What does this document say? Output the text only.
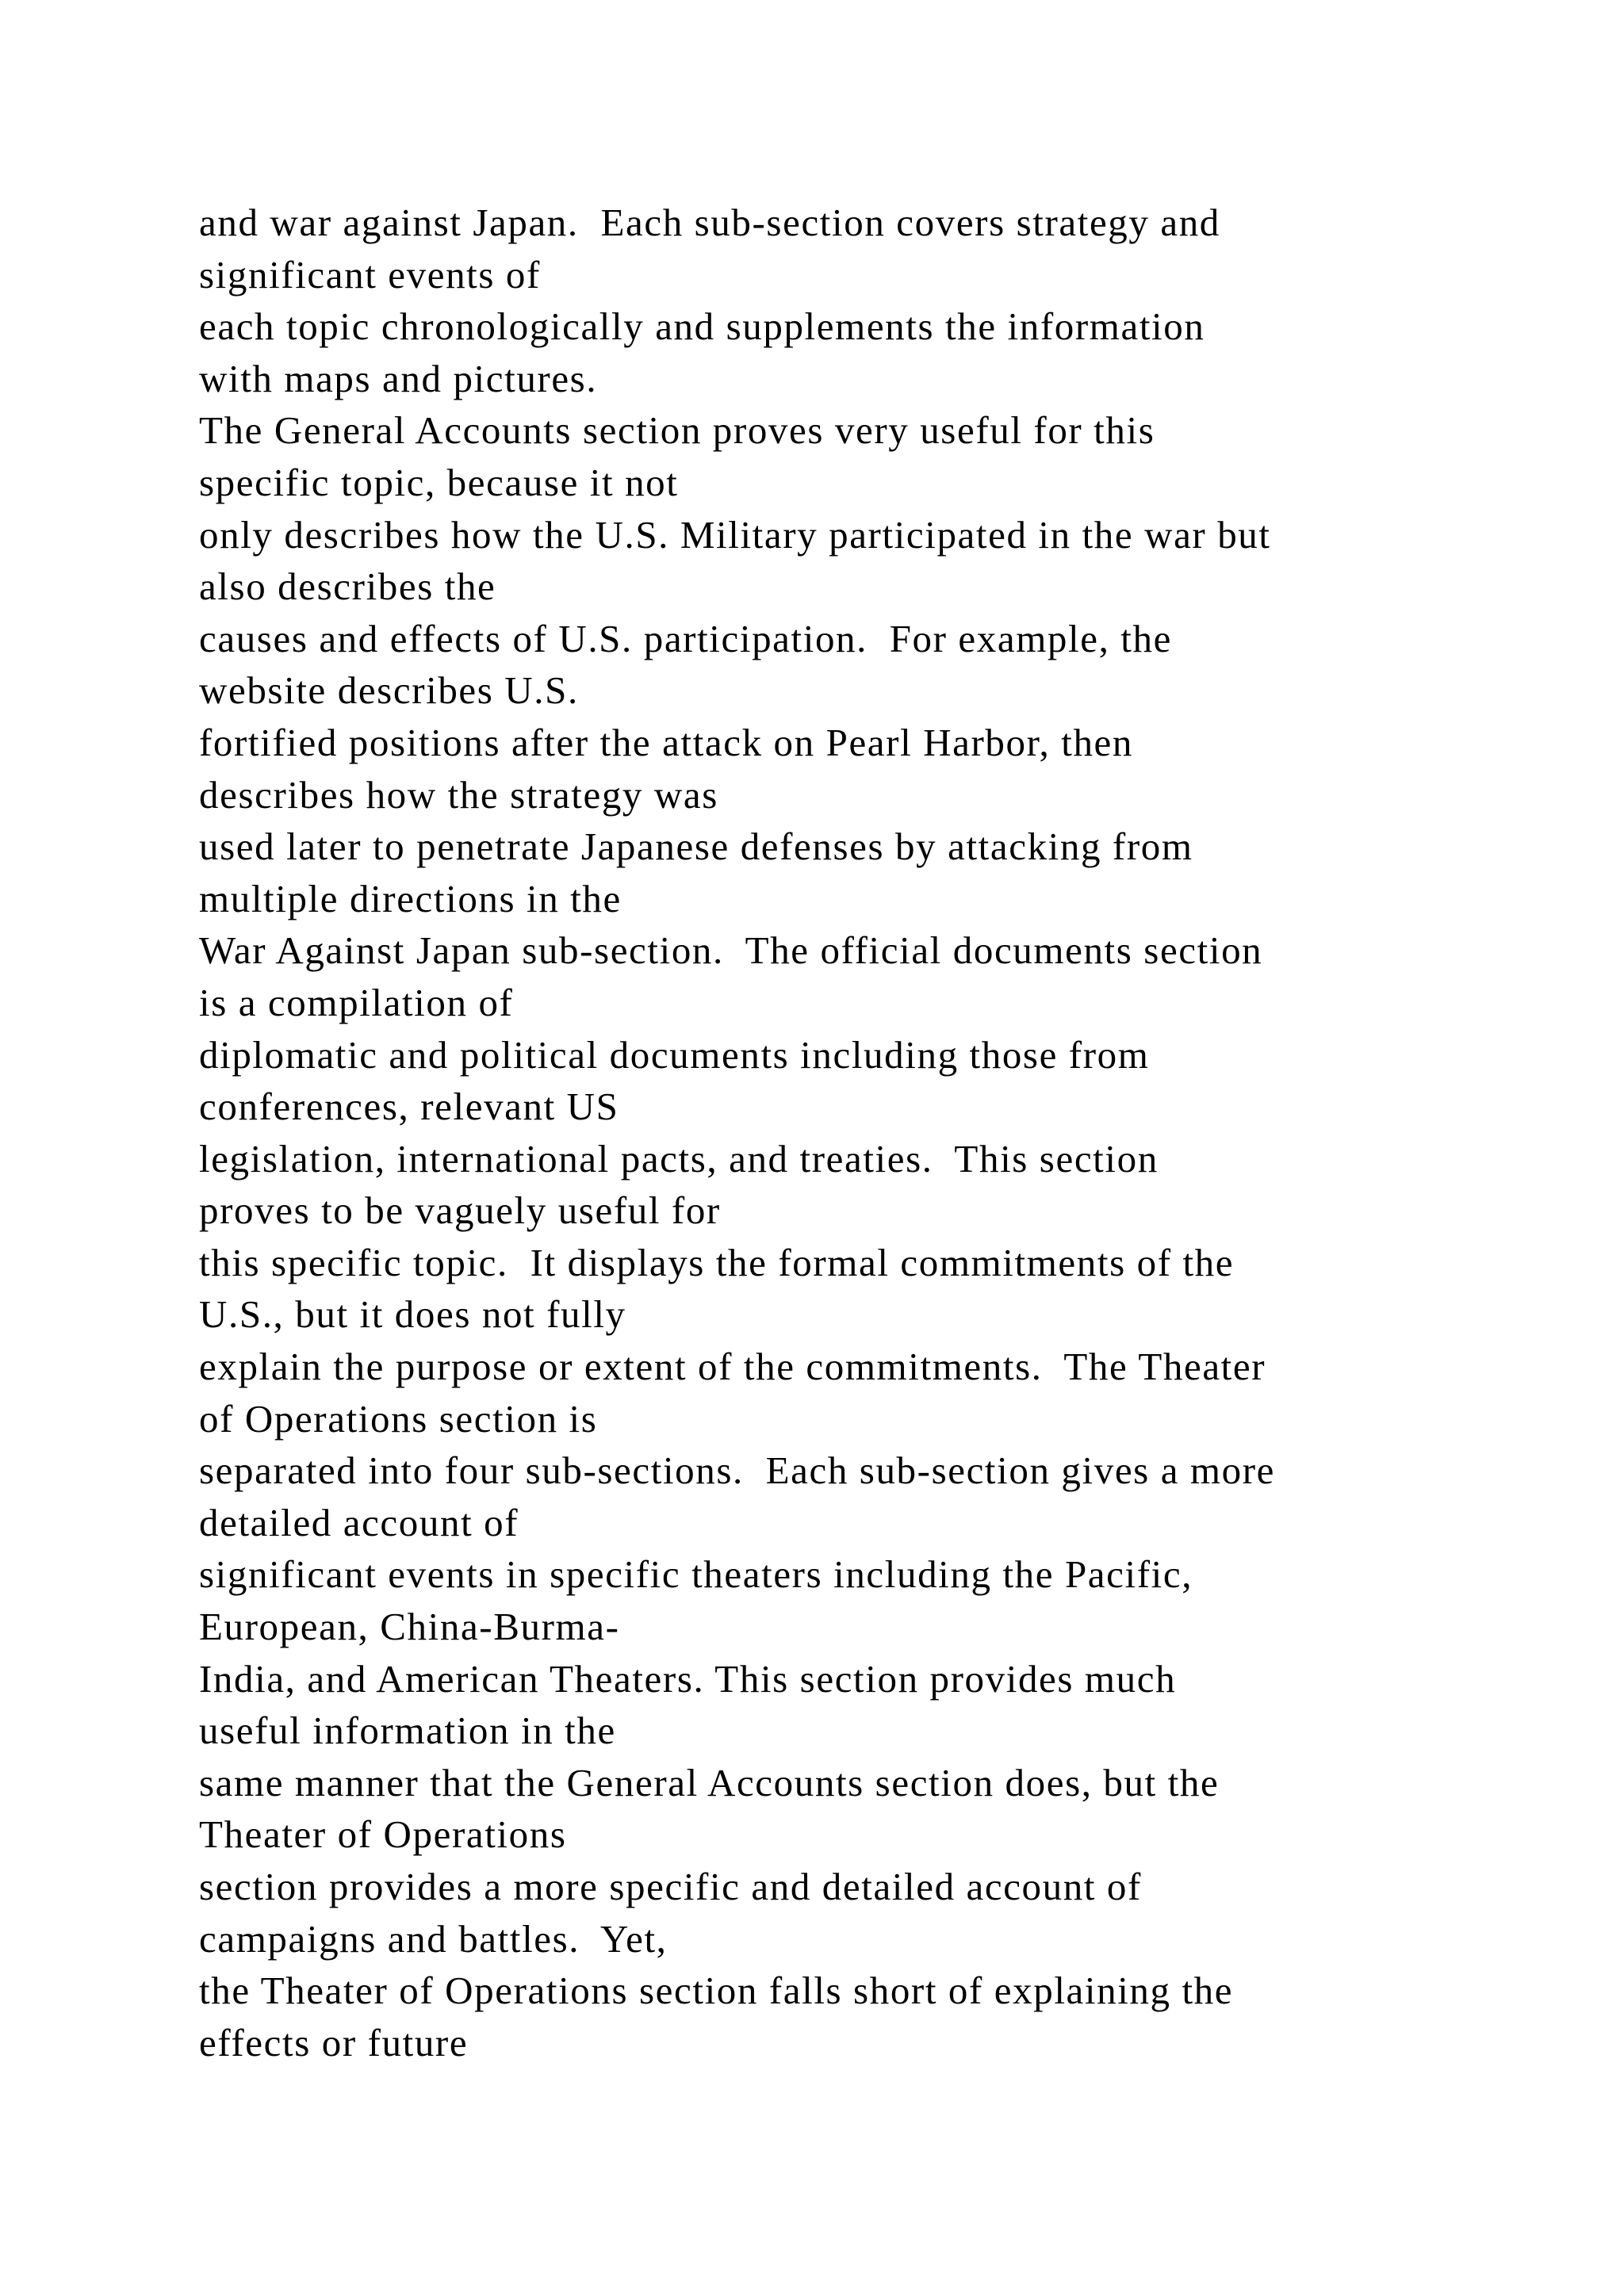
and war against Japan.  Each sub-section covers strategy and
significant events of
each topic chronologically and supplements the information
with maps and pictures.
The General Accounts section proves very useful for this
specific topic, because it not
only describes how the U.S. Military participated in the war but
also describes the
causes and effects of U.S. participation.  For example, the
website describes U.S.
fortified positions after the attack on Pearl Harbor, then
describes how the strategy was
used later to penetrate Japanese defenses by attacking from
multiple directions in the
War Against Japan sub-section.  The official documents section
is a compilation of
diplomatic and political documents including those from
conferences, relevant US
legislation, international pacts, and treaties.  This section
proves to be vaguely useful for
this specific topic.  It displays the formal commitments of the
U.S., but it does not fully
explain the purpose or extent of the commitments.  The Theater
of Operations section is
separated into four sub-sections.  Each sub-section gives a more
detailed account of
significant events in specific theaters including the Pacific,
European, China-Burma-
India, and American Theaters. This section provides much
useful information in the
same manner that the General Accounts section does, but the
Theater of Operations
section provides a more specific and detailed account of
campaigns and battles.  Yet,
the Theater of Operations section falls short of explaining the
effects or future
